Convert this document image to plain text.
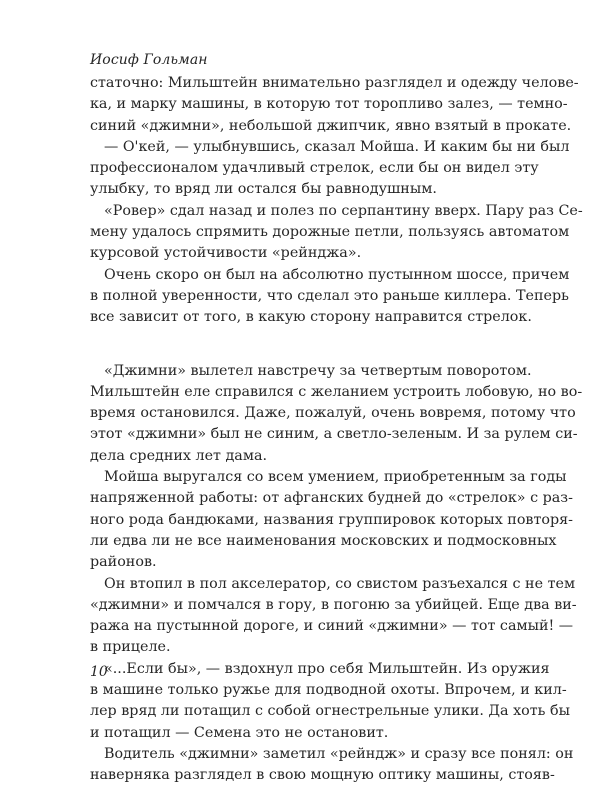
Иосиф Гольман
статочно: Мильштейн внимательно разглядел и одежду челове-
ка, и марку машины, в которую тот торопливо залез, — темно-
синий «джимни», небольшой джипчик, явно взятый в прокате.
— О'кей, — улыбнувшись, сказал Мойша. И каким бы ни был
профессионалом удачливый стрелок, если бы он видел эту
улыбку, то вряд ли остался бы равнодушным.
«Ровер» сдал назад и полез по серпантину вверх. Пару раз Се-
мену удалось спрямить дорожные петли, пользуясь автоматом
курсовой устойчивости «рейнджа».
Очень скоро он был на абсолютно пустынном шоссе, причем
в полной уверенности, что сделал это раньше киллера. Теперь
все зависит от того, в какую сторону направится стрелок.
«Джимни» вылетел навстречу за четвертым поворотом.
Мильштейн еле справился с желанием устроить лобовую, но во-
время остановился. Даже, пожалуй, очень вовремя, потому что
этот «джимни» был не синим, а светло-зеленым. И за рулем си-
дела средних лет дама.
Мойша выругался со всем умением, приобретенным за годы
напряженной работы: от афганских будней до «стрелок» с раз-
ного рода бандюками, названия группировок которых повторя-
ли едва ли не все наименования московских и подмосковных
районов.
Он втопил в пол акселератор, со свистом разъехался с не тем
«джимни» и помчался в гору, в погоню за убийцей. Еще два ви-
ража на пустынной дороге, и синий «джимни» — тот самый! —
в прицеле.
«...Если бы», — вздохнул про себя Мильштейн. Из оружия
в машине только ружье для подводной охоты. Впрочем, и кил-
лер вряд ли потащил с собой огнестрельные улики. Да хоть бы
и потащил — Семена это не остановит.
Водитель «джимни» заметил «рейндж» и сразу все понял: он
наверняка разглядел в свою мощную оптику машины, стояв-
10
